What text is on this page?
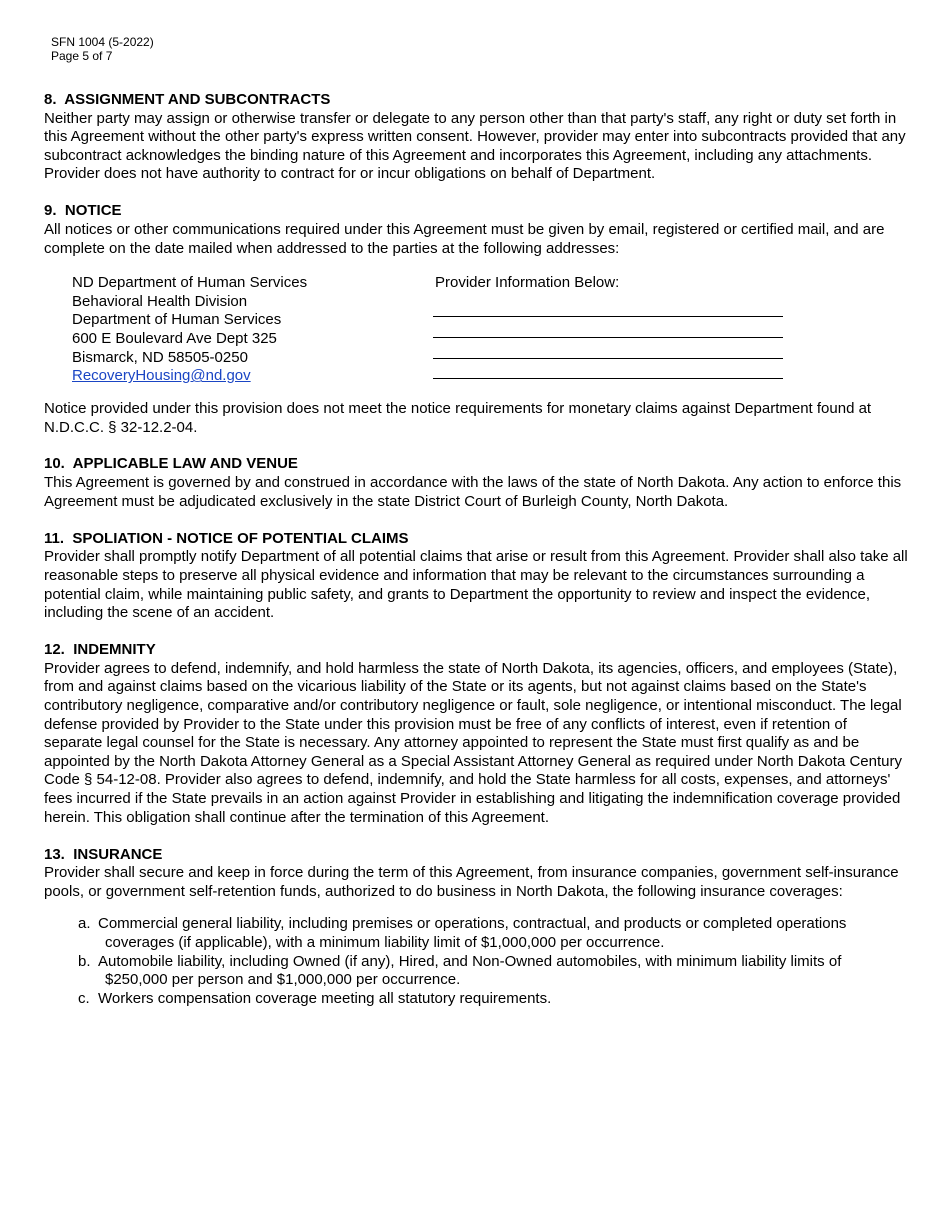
SFN 1004 (5-2022)
Page 5 of 7
8. ASSIGNMENT AND SUBCONTRACTS

Neither party may assign or otherwise transfer or delegate to any person other than that party's staff, any right or duty set forth in this Agreement without the other party's express written consent. However, provider may enter into subcontracts provided that any subcontract acknowledges the binding nature of this Agreement and incorporates this Agreement, including any attachments. Provider does not have authority to contract for or incur obligations on behalf of Department.

9. NOTICE

All notices or other communications required under this Agreement must be given by email, registered or certified mail, and are complete on the date mailed when addressed to the parties at the following addresses:

ND Department of Human Services
Behavioral Health Division
Department of Human Services
600 E Boulevard Ave Dept 325
Bismarck, ND 58505-0250
RecoveryHousing@nd.gov
Provider Information Below:

Notice provided under this provision does not meet the notice requirements for monetary claims against Department found at N.D.C.C. § 32-12.2-04.

10. APPLICABLE LAW AND VENUE

This Agreement is governed by and construed in accordance with the laws of the state of North Dakota. Any action to enforce this Agreement must be adjudicated exclusively in the state District Court of Burleigh County, North Dakota.

11. SPOLIATION - NOTICE OF POTENTIAL CLAIMS

Provider shall promptly notify Department of all potential claims that arise or result from this Agreement. Provider shall also take all reasonable steps to preserve all physical evidence and information that may be relevant to the circumstances surrounding a potential claim, while maintaining public safety, and grants to Department the opportunity to review and inspect the evidence, including the scene of an accident.

12. INDEMNITY

Provider agrees to defend, indemnify, and hold harmless the state of North Dakota, its agencies, officers, and employees (State), from and against claims based on the vicarious liability of the State or its agents, but not against claims based on the State's contributory negligence, comparative and/or contributory negligence or fault, sole negligence, or intentional misconduct. The legal defense provided by Provider to the State under this provision must be free of any conflicts of interest, even if retention of separate legal counsel for the State is necessary. Any attorney appointed to represent the State must first qualify as and be appointed by the North Dakota Attorney General as a Special Assistant Attorney General as required under North Dakota Century Code § 54-12-08. Provider also agrees to defend, indemnify, and hold the State harmless for all costs, expenses, and attorneys' fees incurred if the State prevails in an action against Provider in establishing and litigating the indemnification coverage provided herein. This obligation shall continue after the termination of this Agreement.

13. INSURANCE

Provider shall secure and keep in force during the term of this Agreement, from insurance companies, government self-insurance pools, or government self-retention funds, authorized to do business in North Dakota, the following insurance coverages:

a. Commercial general liability, including premises or operations, contractual, and products or completed operations coverages (if applicable), with a minimum liability limit of $1,000,000 per occurrence.
b. Automobile liability, including Owned (if any), Hired, and Non-Owned automobiles, with minimum liability limits of $250,000 per person and $1,000,000 per occurrence.
c. Workers compensation coverage meeting all statutory requirements.
